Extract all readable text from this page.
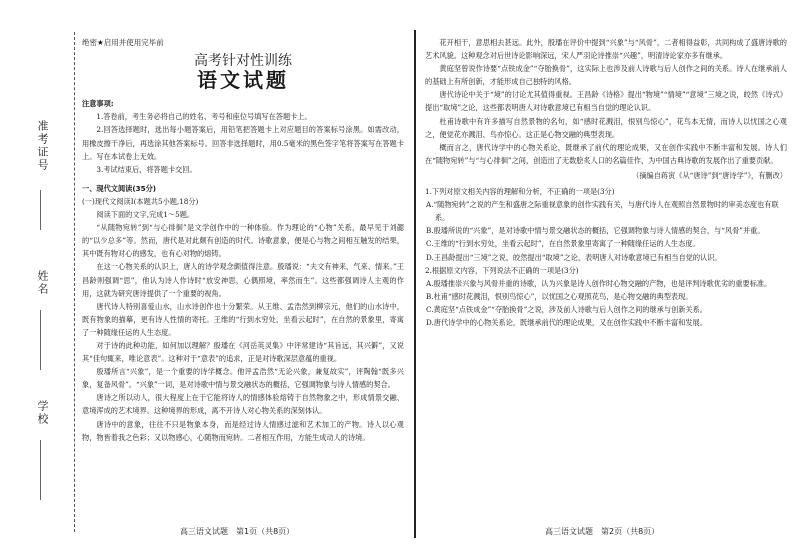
准考证号
姓名
学校
绝密★启用并使用完毕前
高考针对性训练
语文试题
注意事项:

1.答卷前，考生务必将自己的姓名、考号和座位号填写在答题卡上。

2.回答选择题时，选出每小题答案后，用铅笔把答题卡上对应题目的答案标号涂黑。如需改动，用橡皮擦干净后，再选涂其他答案标号。回答非选择题时，用0.5毫米的黑色签字笔将答案写在答题卡上。写在本试卷上无效。

3.考试结束后，将答题卡交回。

一、现代文阅读(35分)
(一)现代文阅读Ⅰ(本题共5小题,18分)

阅读下面的文字,完成1～5题。

“从随物宛转”到“与心徘徊”是文学创作中的一种体验。作为理论的“心物”关系，最早见于刘勰的“以少总多”等。然而，唐代是对此颇有创造的时代。诗歌意象，便是心与物之间相互触发的结果，其中既有物对心的感发，也有心对物的熔铸。

在这一心物关系的认识上，唐人的诗学观念颇值得注意。殷璠说：“夫文有神来、气来、情来。”王昌龄则强调“思”，他认为诗人作诗时“放安神思，心偶照境，率然而生”。这些都强调诗人主观的作用，这就为研究唐诗提供了一个重要的视角。

唐代诗人特别喜爱山水，山水诗创作也十分繁荣。从王维、孟浩然到柳宗元，他们的山水诗中，既有物象的描摹，更有诗人性情的寄托。王维的“行到水穷处，坐看云起时”，在自然的景象里，寄寓了一种随缘任运的人生态度。

对于诗的此种功能，如何加以理解？殷璠在《河岳英灵集》中评常建诗“其旨远，其兴僻”，又说其“佳句辄来，唯论意表”。这种对于“意表”的追求，正是对诗歌深层意蕴的重视。

殷璠所言“兴象”，是一个重要的诗学概念。他评孟浩然“无论兴象，兼复故实”，评陶翰“既多兴象，复备风骨”。“兴象”一词，是对诗歌中情与景交融状态的概括，它强调物象与诗人情感的契合。

唐诗之所以动人，很大程度上在于它能将诗人的情感体验熔铸于自然物象之中，形成情景交融、意境浑成的艺术境界。这种境界的形成，离不开诗人对心物关系的深刻体认。

唐诗中的意象，往往不只是物象本身，而是经过诗人情感过滤和艺术加工的产物。诗人以心观物，物皆着我之色彩；又以物感心，心随物而宛转。二者相互作用，方能生成动人的诗境。

高三语文试题　第1页（共8页）

花开相干，意思相去甚远。此外，殷璠在评价中提到“兴象”与“风骨”，二者相得益彰，共同构成了盛唐诗歌的艺术风貌。这种观念对后世诗论影响深远，宋人严羽论诗推崇“兴趣”，明清诗论家亦多有继承。

黄庭坚曾说作诗要“点铁成金”“夺胎换骨”，这实际上也涉及前人诗歌与后人创作之间的关系。诗人在继承前人的基础上有所创新，才能形成自己独特的风格。

唐代诗论中关于“境”的讨论尤其值得重视。王昌龄《诗格》提出“物境”“情境”“意境”三境之说，皎然《诗式》提出“取境”之论，这些都表明唐人对诗歌意境已有相当自觉的理论认识。

杜甫诗歌中有许多描写自然景物的名句，如“感时花溅泪，恨别鸟惊心”，花鸟本无情，而诗人以忧国之心观之，便觉花亦溅泪、鸟亦惊心。这正是心物交融的典型表现。

概而言之，唐代诗学中的心物关系论，既继承了前代的理论成果，又在创作实践中不断丰富和发展。诗人们在“随物宛转”与“与心徘徊”之间，创造出了无数脍炙人口的名篇佳作，为中国古典诗歌的发展作出了重要贡献。

（摘编自蒋寅《从“唐诗”到“唐诗学”》，有删改）
1.下列对原文相关内容的理解和分析，不正确的一项是(3分)
A.“随物宛转”之说的产生和盛唐之际重视意象的创作实践有关，与唐代诗人在观照自然景物时的审美态度也有联系。
B.殷璠所说的“兴象”，是对诗歌中情与景交融状态的概括，它强调物象与诗人情感的契合，与“风骨”并重。
C.王维的“行到水穷处，坐看云起时”，在自然景象里寄寓了一种随缘任运的人生态度。
D.王昌龄提出“三境”之说，皎然提出“取境”之论，表明唐人对诗歌意境已有相当自觉的认识。
2.根据原文内容，下列说法不正确的一项是(3分)
A.殷璠推崇兴象与风骨并重的诗歌，认为兴象是诗人创作时心物交融的产物，也是评判诗歌优劣的重要标准。
B.杜甫“感时花溅泪，恨别鸟惊心”，以忧国之心观照花鸟，是心物交融的典型表现。
C.黄庭坚“点铁成金”“夺胎换骨”之说，涉及前人诗歌与后人创作之间的继承与创新关系。
D.唐代诗学中的心物关系论，既继承前代的理论成果，又在创作实践中不断丰富和发展。
高三语文试题　第2页（共8页）
